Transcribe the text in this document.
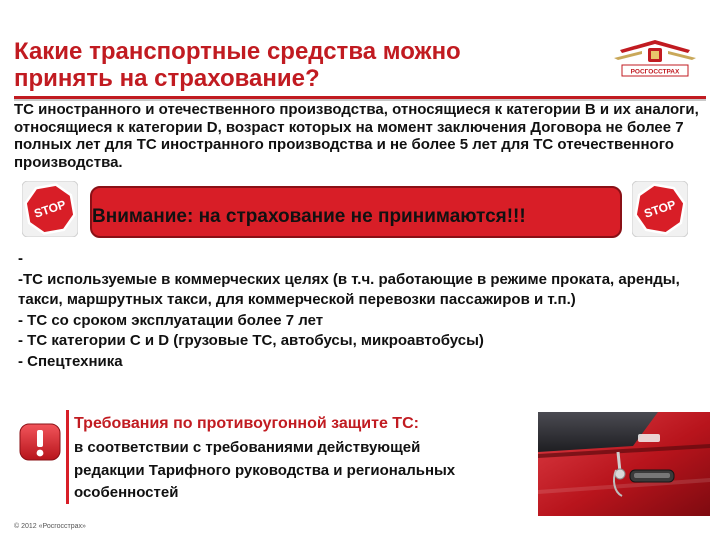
Какие транспортные средства можно
принять на страхование?	РОСГОССТРАХ
ТС иностранного и отечественного производства, относящиеся к категории В и их аналоги, относящиеся к категории D, возраст которых на момент заключения Договора не более 7 полных лет для ТС иностранного производства и не более 5 лет для ТС отечественного производства.
STOP Внимание: на страхование не принимаются!!!	STOP
-
-ТС используемые в коммерческих целях (в т.ч. работающие в режиме проката, аренды, такси, маршрутных такси, для коммерческой перевозки пассажиров и т.п.)
- ТС со сроком эксплуатации более 7 лет
- ТС категории С и D (грузовые ТС, автобусы, микроавтобусы)
- Спецтехника
Требования по противоугонной защите ТС:
в соответствии с требованиями действующей
редакции Тарифного руководства и региональных
особенностей
© 2012 «Росгосстрах»
